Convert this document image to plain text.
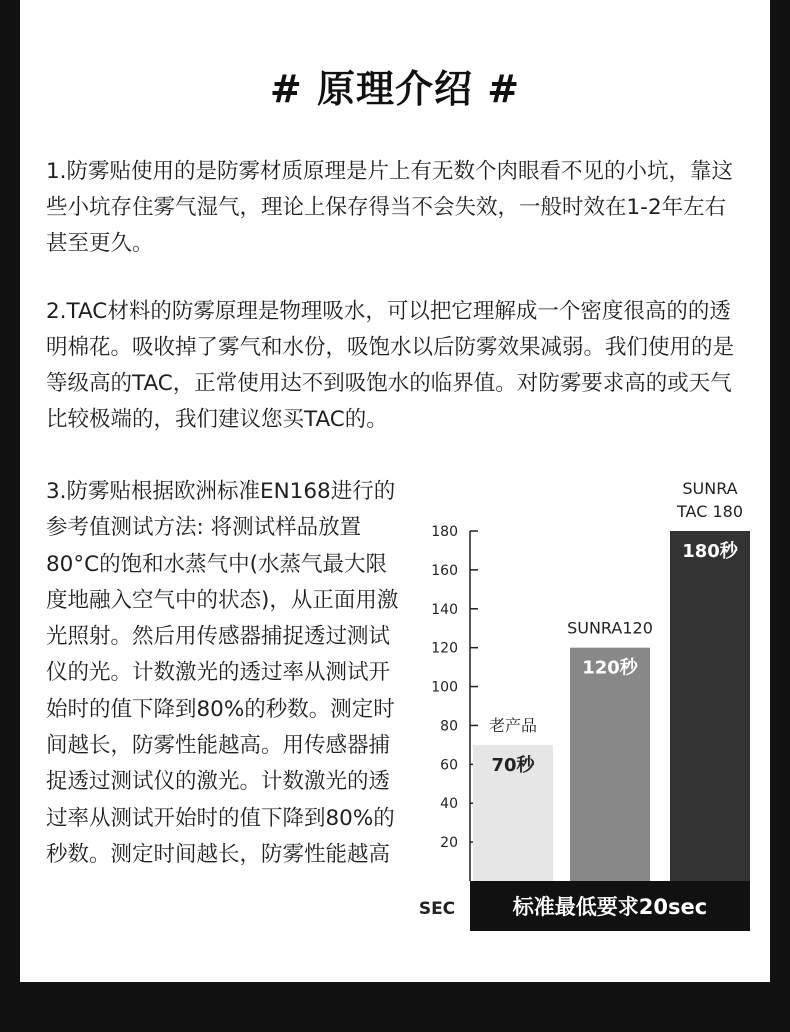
# 原理介绍 #
1.防雾贴使用的是防雾材质原理是片上有无数个肉眼看不见的小坑，靠这些小坑存住雾气湿气，理论上保存得当不会失效，一般时效在1-2年左右甚至更久。
2.TAC材料的防雾原理是物理吸水，可以把它理解成一个密度很高的的透明棉花。吸收掉了雾气和水份，吸饱水以后防雾效果减弱。我们使用的是等级高的TAC，正常使用达不到吸饱水的临界值。对防雾要求高的或天气比较极端的，我们建议您买TAC的。
3.防雾贴根据欧洲标准EN168进行的参考值测试方法: 将测试样品放置80°C的饱和水蒸气中(水蒸气最大限度地融入空气中的状态)，从正面用激光照射。然后用传感器捕捉透过测试仪的光。计数激光的透过率从测试开始时的值下降到80%的秒数。测定时间越长，防雾性能越高。用传感器捕捉透过测试仪的激光。计数激光的透过率从测试开始时的值下降到80%的秒数。测定时间越长，防雾性能越高	20
40
60
80
100
120
140
160
180
70秒
老产品
120秒
SUNRA120
180秒
SUNRA
TAC 180
标准最低要求20sec
SEC
